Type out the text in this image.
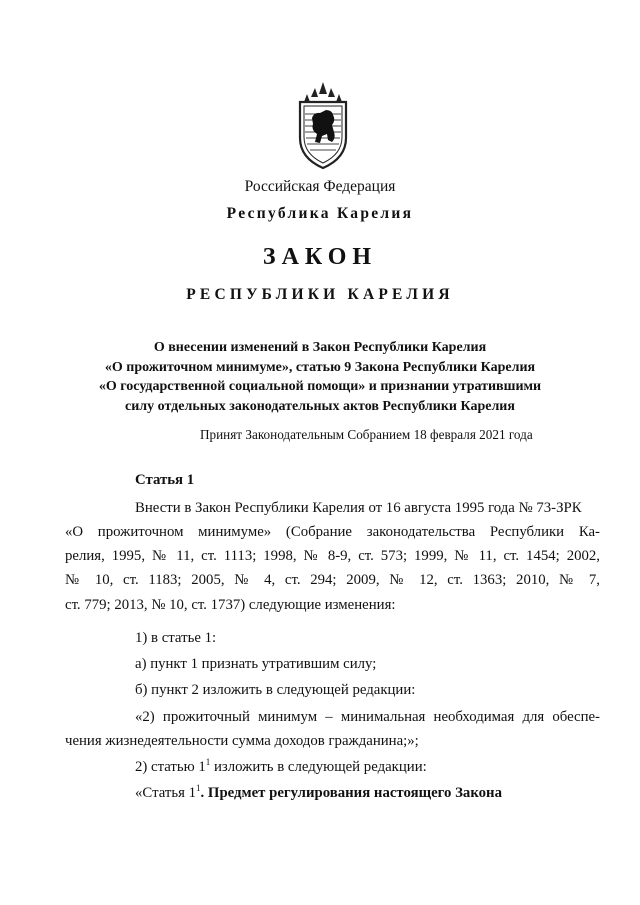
Российская Федерация
Республика Карелия
ЗАКОН
РЕСПУБЛИКИ КАРЕЛИЯ
О внесении изменений в Закон Республики Карелия
«О прожиточном минимуме», статью 9 Закона Республики Карелия
«О государственной социальной помощи» и признании утратившими
силу отдельных законодательных актов Республики Карелия
Принят Законодательным Собранием 18 февраля 2021 года
Статья 1
Внести в Закон Республики Карелия от 16 августа 1995 года № 73-ЗРК
«О прожиточном минимуме» (Собрание законодательства Республики Ка-
релия, 1995, № 11, ст. 1113; 1998, № 8-9, ст. 573; 1999, № 11, ст. 1454; 2002,
№ 10, ст. 1183; 2005, № 4, ст. 294; 2009, № 12, ст. 1363; 2010, № 7,
ст. 779; 2013, № 10, ст. 1737) следующие изменения:
1) в статье 1:
а) пункт 1 признать утратившим силу;
б) пункт 2 изложить в следующей редакции:
«2) прожиточный минимум – минимальная необходимая для обеспе-
чения жизнедеятельности сумма доходов гражданина;»;
2) статью $1^1$ изложить в следующей редакции:
«Статья $1^1$. Предмет регулирования настоящего Закона
